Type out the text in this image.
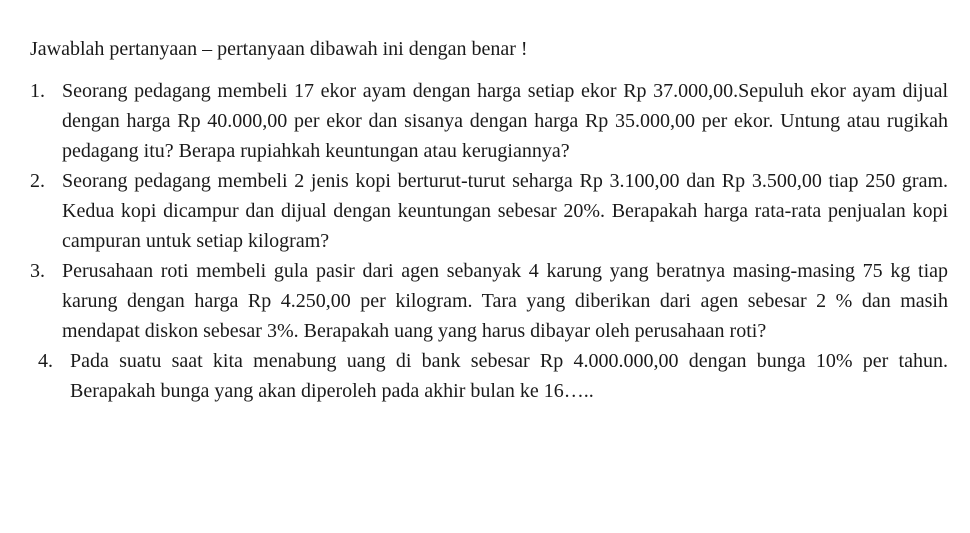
Jawablah pertanyaan – pertanyaan dibawah ini dengan benar !

1. Seorang pedagang membeli 17 ekor ayam dengan harga setiap ekor Rp 37.000,00.Sepuluh ekor ayam dijual dengan harga Rp 40.000,00 per ekor dan sisanya dengan harga Rp 35.000,00 per ekor. Untung atau rugikah pedagang itu? Berapa rupiahkah keuntungan atau kerugiannya?
2. Seorang pedagang membeli 2 jenis kopi berturut-turut seharga Rp 3.100,00 dan Rp 3.500,00 tiap 250 gram. Kedua kopi dicampur dan dijual dengan keuntungan sebesar 20%. Berapakah harga rata-rata penjualan kopi campuran untuk setiap kilogram?
3. Perusahaan roti membeli gula pasir dari agen sebanyak 4 karung yang beratnya masing-masing 75 kg tiap karung dengan harga Rp 4.250,00 per kilogram. Tara yang diberikan dari agen sebesar 2 % dan masih mendapat diskon sebesar 3%. Berapakah uang yang harus dibayar oleh perusahaan roti?
4. Pada suatu saat kita menabung uang di bank sebesar Rp 4.000.000,00 dengan bunga 10% per tahun. Berapakah bunga yang akan diperoleh pada akhir bulan ke 16…..
